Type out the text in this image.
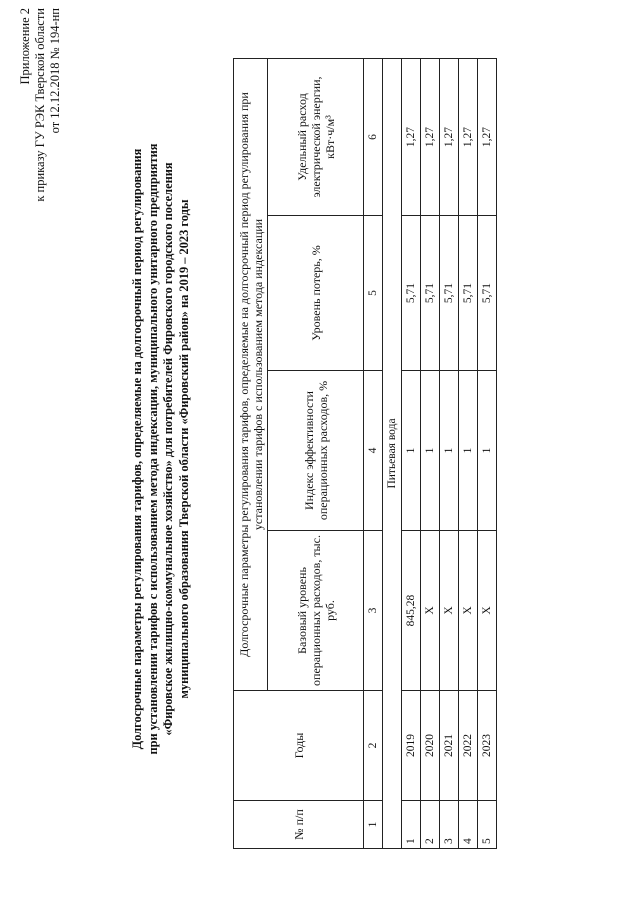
Приложение 2 к приказу ГУ РЭК Тверской области от 12.12.2018 № 194-нп
Долгосрочные параметры регулирования тарифов, определяемые на долгосрочный период регулирования при установлении тарифов с использованием метода индексации, муниципального унитарного предприятия «Фировское жилищно-коммунальное хозяйство» для потребителей Фировского городского поселения муниципального образования Тверской области «Фировский район» на 2019 – 2023 годы
№ п/п	Годы	Долгосрочные параметры регулирования тарифов, определяемые на долгосрочный период регулирования при установлении тарифов с использованием метода индексации			
		Базовый уровень операционных расходов, тыс. руб.	Индекс эффективности операционных расходов, %	Уровень потерь, %	Удельный расход электрической энергии, кВт·ч/м³
1	2	3	4	5	6
Питьевая вода					
1	2019	845,28	1	5,71	1,27
2	2020	Х	1	5,71	1,27
3	2021	Х	1	5,71	1,27
4	2022	Х	1	5,71	1,27
5	2023	Х	1	5,71	1,27
